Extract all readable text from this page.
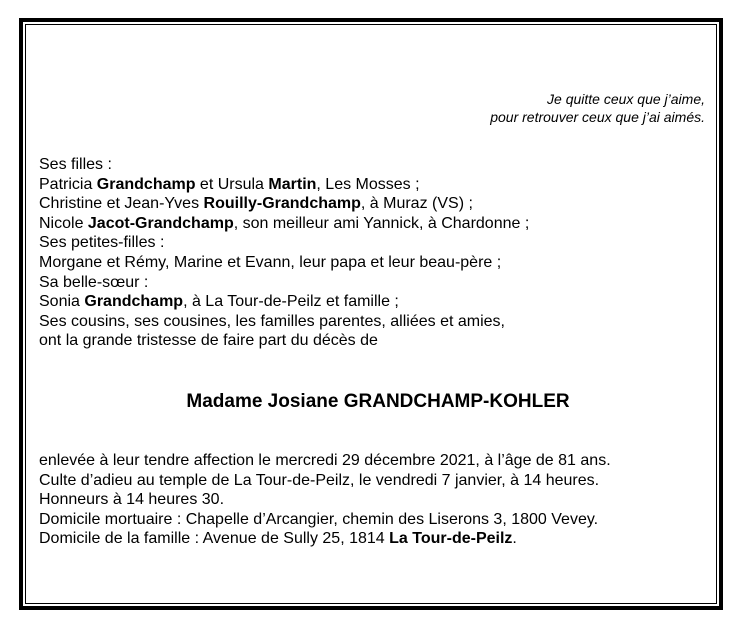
Je quitte ceux que j’aime,
pour retrouver ceux que j’ai aimés.
Ses filles :
Patricia Grandchamp et Ursula Martin, Les Mosses ;
Christine et Jean-Yves Rouilly-Grandchamp, à Muraz (VS) ;
Nicole Jacot-Grandchamp, son meilleur ami Yannick, à Chardonne ;
Ses petites-filles :
Morgane et Rémy, Marine et Evann, leur papa et leur beau-père ;
Sa belle-sœur :
Sonia Grandchamp, à La Tour-de-Peilz et famille ;
Ses cousins, ses cousines, les familles parentes, alliées et amies,
ont la grande tristesse de faire part du décès de
Madame Josiane GRANDCHAMP-KOHLER
enlevée à leur tendre affection le mercredi 29 décembre 2021, à l’âge de 81 ans.
Culte d’adieu au temple de La Tour-de-Peilz, le vendredi 7 janvier, à 14 heures.
Honneurs à 14 heures 30.
Domicile mortuaire : Chapelle d’Arcangier, chemin des Liserons 3, 1800 Vevey.
Domicile de la famille : Avenue de Sully 25, 1814 La Tour-de-Peilz.
